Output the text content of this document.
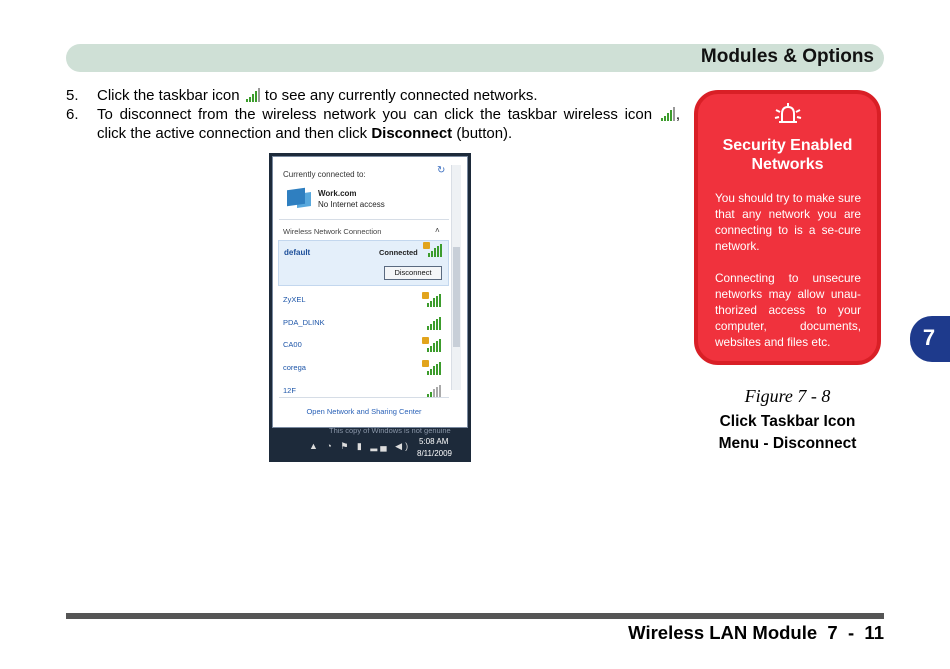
Modules & Options
5. Click the taskbar icon to see any currently connected networks.
6. To disconnect from the wireless network you can click the taskbar wireless icon , click the active connection and then click Disconnect (button).
Currently connected to:	↻
Work.com
No Internet access
Wireless Network Connection	˄
default	Connected
Disconnect
ZyXEL
PDA_DLINK
CA00
corega
12F
Open Network and Sharing Center
This copy of Windows is not genuine
▲ ◔ ⚑ ▮ ▂▄ ◀) 5:08 AM
8/11/2009
Security Enabled Networks
You should try to make sure that any network you are connecting to is a se-cure network.
Connecting to unsecure networks may allow unau-thorized access to your computer, documents, websites and files etc.
Figure 7 - 8
Click Taskbar Icon
Menu - Disconnect
7
Wireless LAN Module  7  -  11
